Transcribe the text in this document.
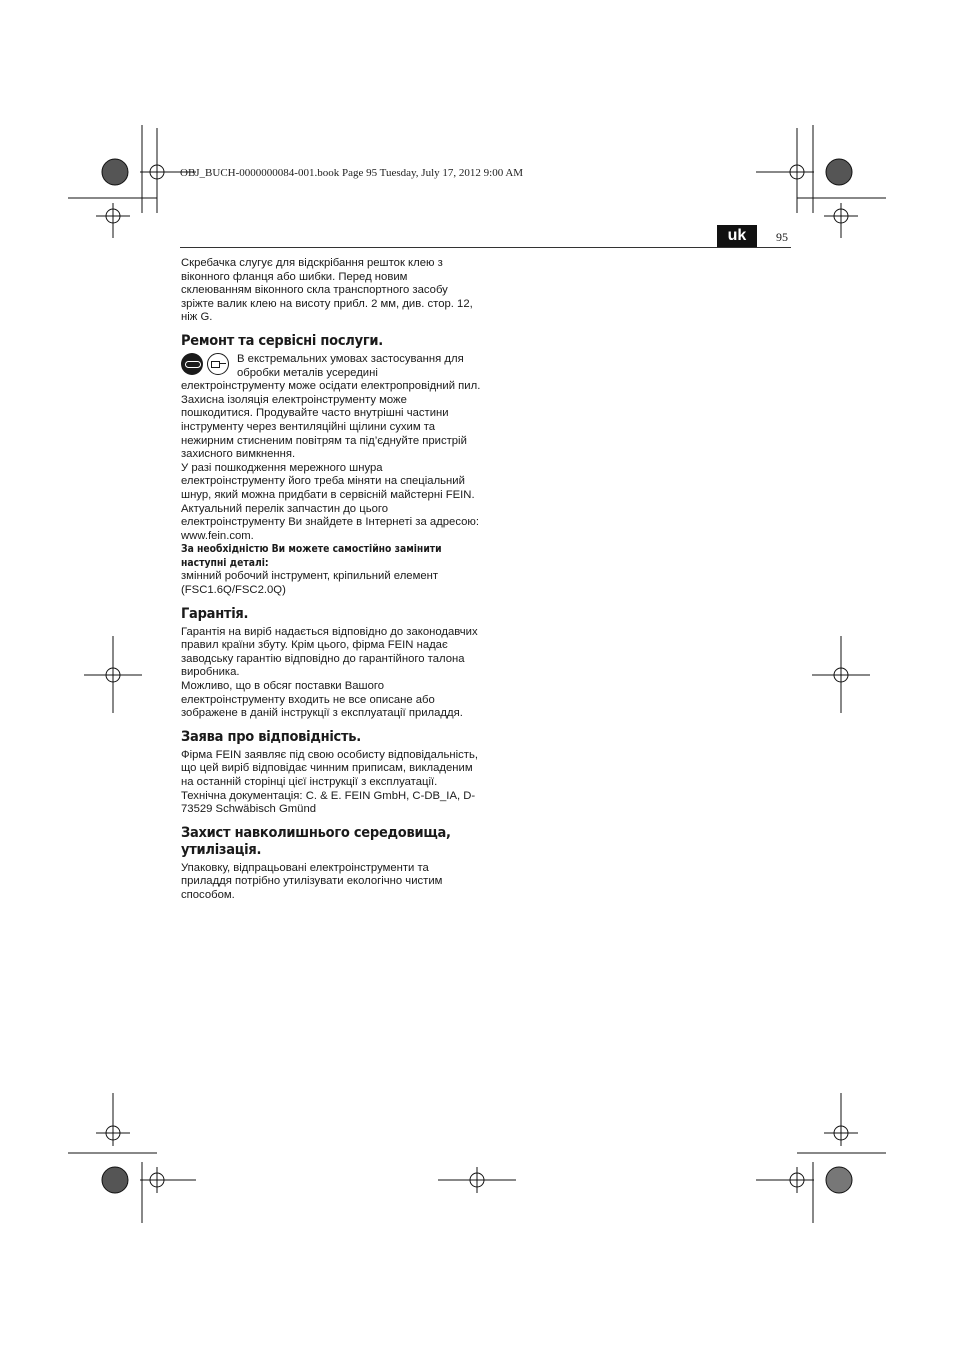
OBJ_BUCH-0000000084-001.book Page 95 Tuesday, July 17, 2012 9:00 AM
uk	95

Скребачка слугує для відскрібання решток клею з віконного фланця або шибки. Перед новим склеюванням віконного скла транспортного засобу зріжте валик клею на висоту прибл. 2 мм, див. стор. 12, ніж G.

Ремонт та сервісні послуги.

В екстремальних умовах застосування для обробки металів усередині електроінструменту може осідати електропровідний пил. Захисна ізоляція електроінструменту може пошкодитися. Продувайте часто внутрішні частини інструменту через вентиляційні щілини сухим та нежирним стисненим повітрям та під’єднуйте пристрій захисного вимкнення.

У разі пошкодження мережного шнура електроінструменту його треба міняти на спеціальний шнур, який можна придбати в сервісній майстерні FEIN.

Актуальний перелік запчастин до цього електроінструменту Ви знайдете в Інтернеті за адресою: www.fein.com.

За необхідністю Ви можете самостійно замінити наступні деталі:

змінний робочий інструмент, кріпильний елемент (FSC1.6Q/FSC2.0Q)

Гарантія.

Гарантія на виріб надається відповідно до законодавчих правил країни збуту. Крім цього, фірма FEIN надає заводську гарантію відповідно до гарантійного талона виробника.

Можливо, що в обсяг поставки Вашого електроінструменту входить не все описане або зображене в даній інструкції з експлуатації приладдя.

Заява про відповідність.

Фірма FEIN заявляє під свою особисту відповідальність, що цей виріб відповідає чинним приписам, викладеним на останній сторінці цієї інструкції з експлуатації.

Технічна документація: C. & E. FEIN GmbH, C-DB_IA, D-73529 Schwäbisch Gmünd

Захист навколишнього середовища, утилізація.

Упаковку, відпрацьовані електроінструменти та приладдя потрібно утилізувати екологічно чистим способом.
